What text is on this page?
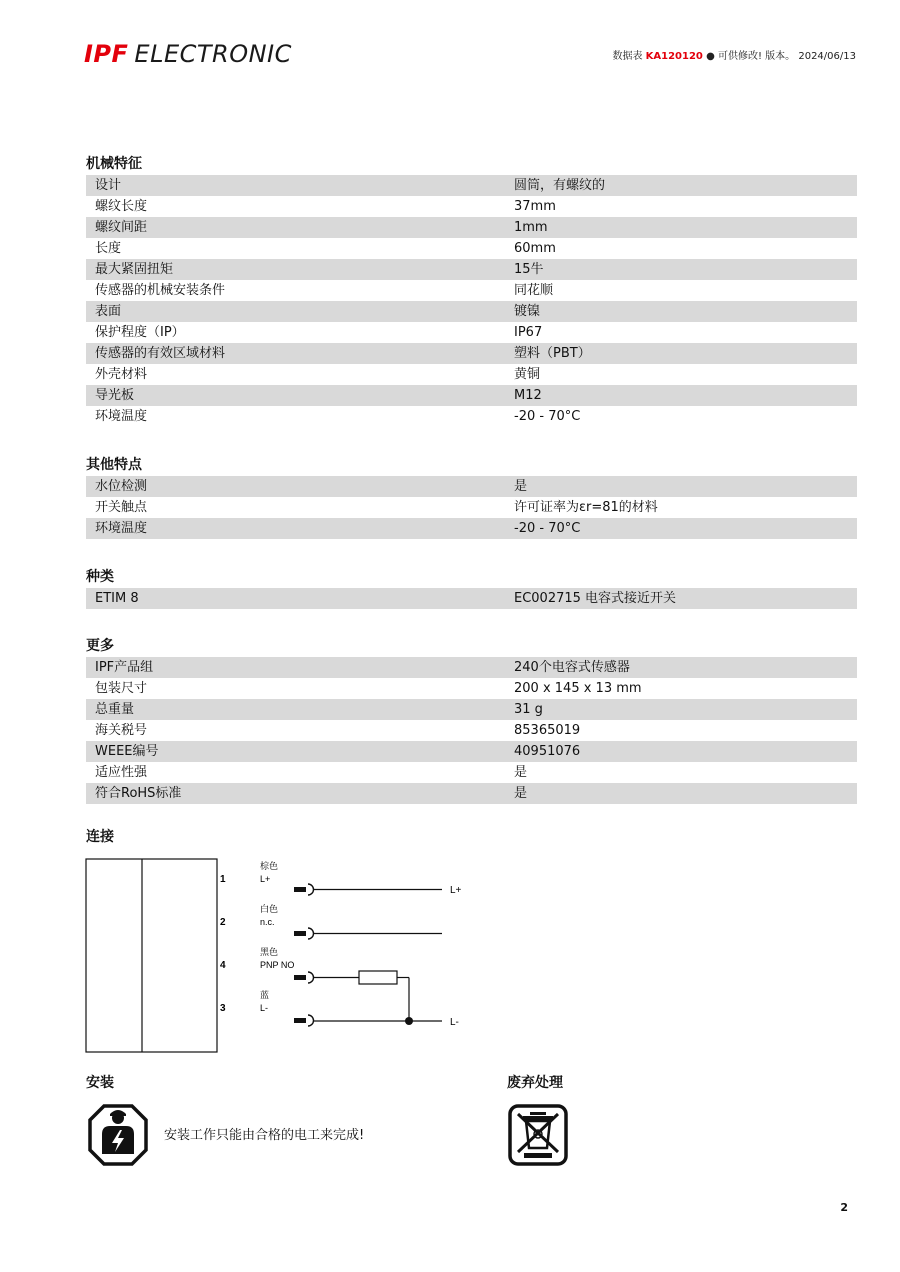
IPF ELECTRONIC	数据表 KA120120 ● 可供修改! 版本。 2024/06/13
机械特征
设计	圆筒，有螺纹的
螺纹长度	37mm
螺纹间距	1mm
长度	60mm
最大紧固扭矩	15牛
传感器的机械安装条件	同花顺
表面	镀镍
保护程度（IP）	IP67
传感器的有效区域材料	塑料（PBT）
外壳材料	黄铜
导光板	M12
环境温度	-20 - 70°C
其他特点
水位检测	是
开关触点	许可证率为εr=81的材料
环境温度	-20 - 70°C
种类
ETIM 8	EC002715 电容式接近开关
更多
IPF产品组	240个电容式传感器
包装尺寸	200 x 145 x 13 mm
总重量	31 g
海关税号	85365019
WEEE编号	40951076
适应性强	是
符合RoHS标准	是
连接
1
棕色
L+
L+
2
白色
n.c.
4
黑色
PNP NO
3
蓝
L-
L-
安装
安装工作只能由合格的电工来完成!
废弃处理
2
